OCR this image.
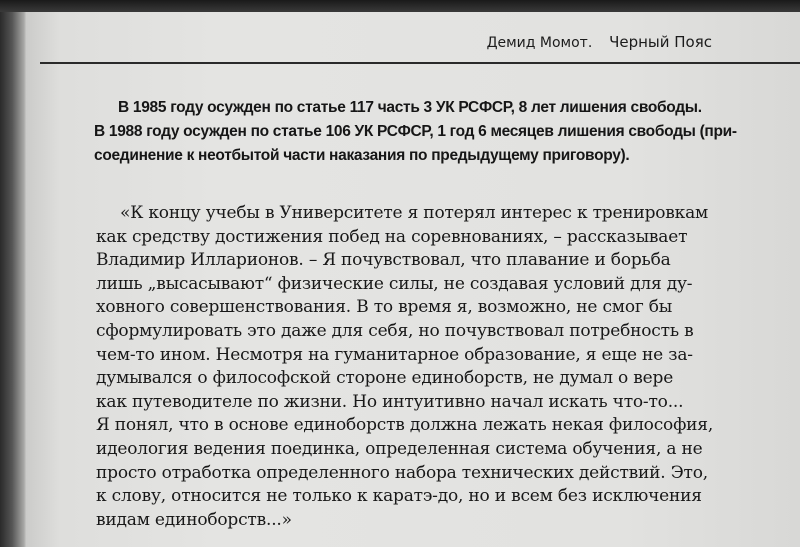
Демид Момот. Черный Пояс
В 1985 году осужден по статье 117 часть 3 УК РСФСР, 8 лет лишения свободы.
В 1988 году осужден по статье 106 УК РСФСР, 1 год 6 месяцев лишения свободы (при-
соединение к неотбытой части наказания по предыдущему приговору).
«К концу учебы в Университете я потерял интерес к тренировкам
как средству достижения побед на соревнованиях, – рассказывает
Владимир Илларионов. – Я почувствовал, что плавание и борьба
лишь „высасывают“ физические силы, не создавая условий для ду-
ховного совершенствования. В то время я, возможно, не смог бы
сформулировать это даже для себя, но почувствовал потребность в
чем-то ином. Несмотря на гуманитарное образование, я еще не за-
думывался о философской стороне единоборств, не думал о вере
как путеводителе по жизни. Но интуитивно начал искать что-то...
Я понял, что в основе единоборств должна лежать некая философия,
идеология ведения поединка, определенная система обучения, а не
просто отработка определенного набора технических действий. Это,
к слову, относится не только к каратэ-до, но и всем без исключения
видам единоборств...»
